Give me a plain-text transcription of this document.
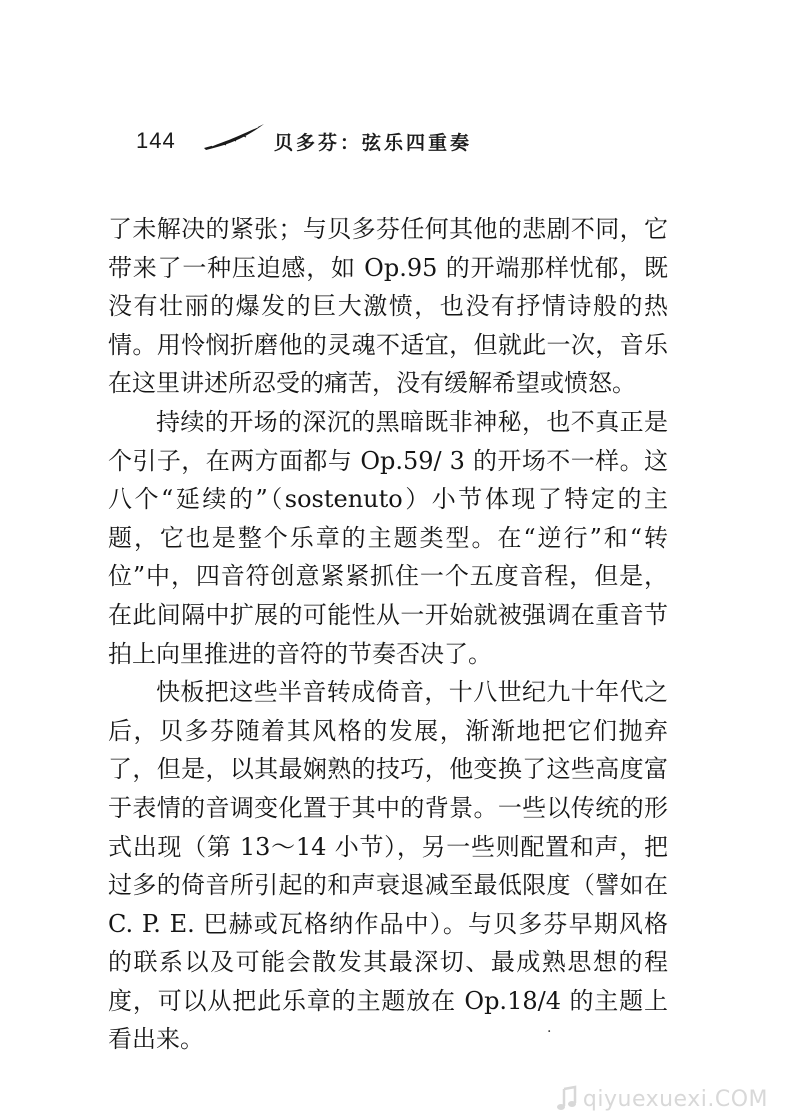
144	贝多芬：弦乐四重奏

了未解决的紧张；与贝多芬任何其他的悲剧不同，它带来了一种压迫感，如 Op.95 的开端那样忧郁，既没有壮丽的爆发的巨大激愤，也没有抒情诗般的热情。用怜悯折磨他的灵魂不适宜，但就此一次，音乐在这里讲述所忍受的痛苦，没有缓解希望或愤怒。

持续的开场的深沉的黑暗既非神秘，也不真正是个引子，在两方面都与 Op.59/ 3 的开场不一样。这八个“延续的”（sostenuto）小节体现了特定的主题，它也是整个乐章的主题类型。在“逆行”和“转位”中，四音符创意紧紧抓住一个五度音程，但是，在此间隔中扩展的可能性从一开始就被强调在重音节拍上向里推进的音符的节奏否决了。

快板把这些半音转成倚音，十八世纪九十年代之后，贝多芬随着其风格的发展，渐渐地把它们抛弃了，但是，以其最娴熟的技巧，他变换了这些高度富于表情的音调变化置于其中的背景。一些以传统的形式出现（第 13～14 小节），另一些则配置和声，把过多的倚音所引起的和声衰退减至最低限度（譬如在 C. P. E. 巴赫或瓦格纳作品中）。与贝多芬早期风格的联系以及可能会散发其最深切、最成熟思想的程度，可以从把此乐章的主题放在 Op.18/4 的主题上看出来。	·
qiyuexuexi.COM
